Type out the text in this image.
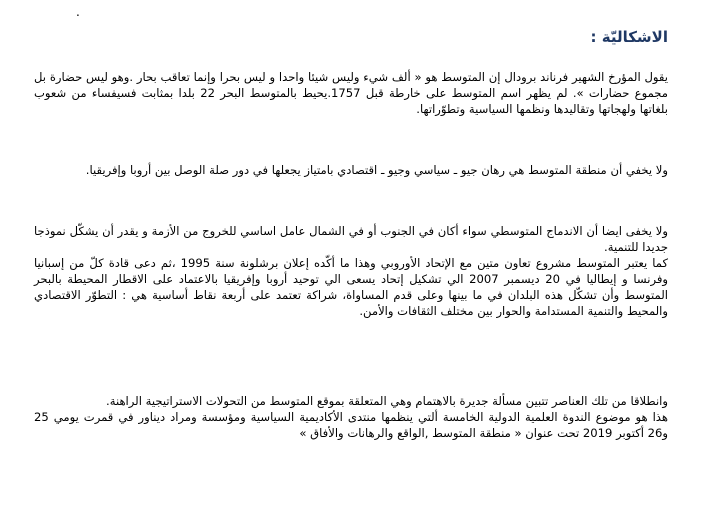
.
الاشكاليّة :

يقول المؤرخ الشهير فرناند برودال إن المتوسط هو « ألف شيء وليس شيئا واحدا و ليس بحرا وإنما تعاقب بحار .وهو ليس حضارة بل مجموع حضارات ». لم يظهر اسم المتوسط على خارطة قبل 1757.يحيط بالمتوسط البحر 22 بلدا بمثابت فسيفساء من شعوب بلغاتها ولهجاتها وتقاليدها ونظمها السياسية وتطوّراتها.

ولا يخفي أن منطقة المتوسط هي رهان جيو ـ سياسي وجيو ـ اقتصادي بامتياز يجعلها في دور صلة الوصل بين أروبا وإفريقيا.

ولا يخفى ايضا أن الاندماج المتوسطي سواء أكان في الجنوب أو في الشمال عامل اساسي للخروج من الأزمة و يقدر أن يشكّل نموذجا جديدا للتنمية.
كما يعتبر المتوسط مشروع تعاون متين مع الإتحاد الأوروبي وهذا ما أكّده إعلان برشلونة سنة 1995 ،ثم دعى قادة كلّ من إسبانيا وفرنسا و إيطاليا في 20 ديسمبر 2007 الي تشكيل إتحاد يسعى الي توحيد أروبا وإفريقيا بالاعتماد على الاقطار المحيطة بالبحر المتوسط وأن تشكّل هذه البلدان في ما بينها وعلى قدم المساواة، شراكة تعتمد على أربعة نقاط أساسية هي : التطوّر الاقتصادي والمحيط والتنمية المستدامة والحوار بين مختلف الثقافات والأمن.

وانطلاقا من تلك العناصر تتبين مسألة جديرة بالاهتمام وهي المتعلقة بموقع المتوسط من التحولات الاستراتيجية الراهنة.
هذا هو موضوع الندوة العلمية الدولية الخامسة ألتي ينظمها منتدى الأكاديمية السياسية ومؤسسة ومراد ديناور في قمرت يومي 25 و26 أكتوبر 2019 تحت عنوان « منطقة المتوسط ,الواقع والرهانات والأفاق »
